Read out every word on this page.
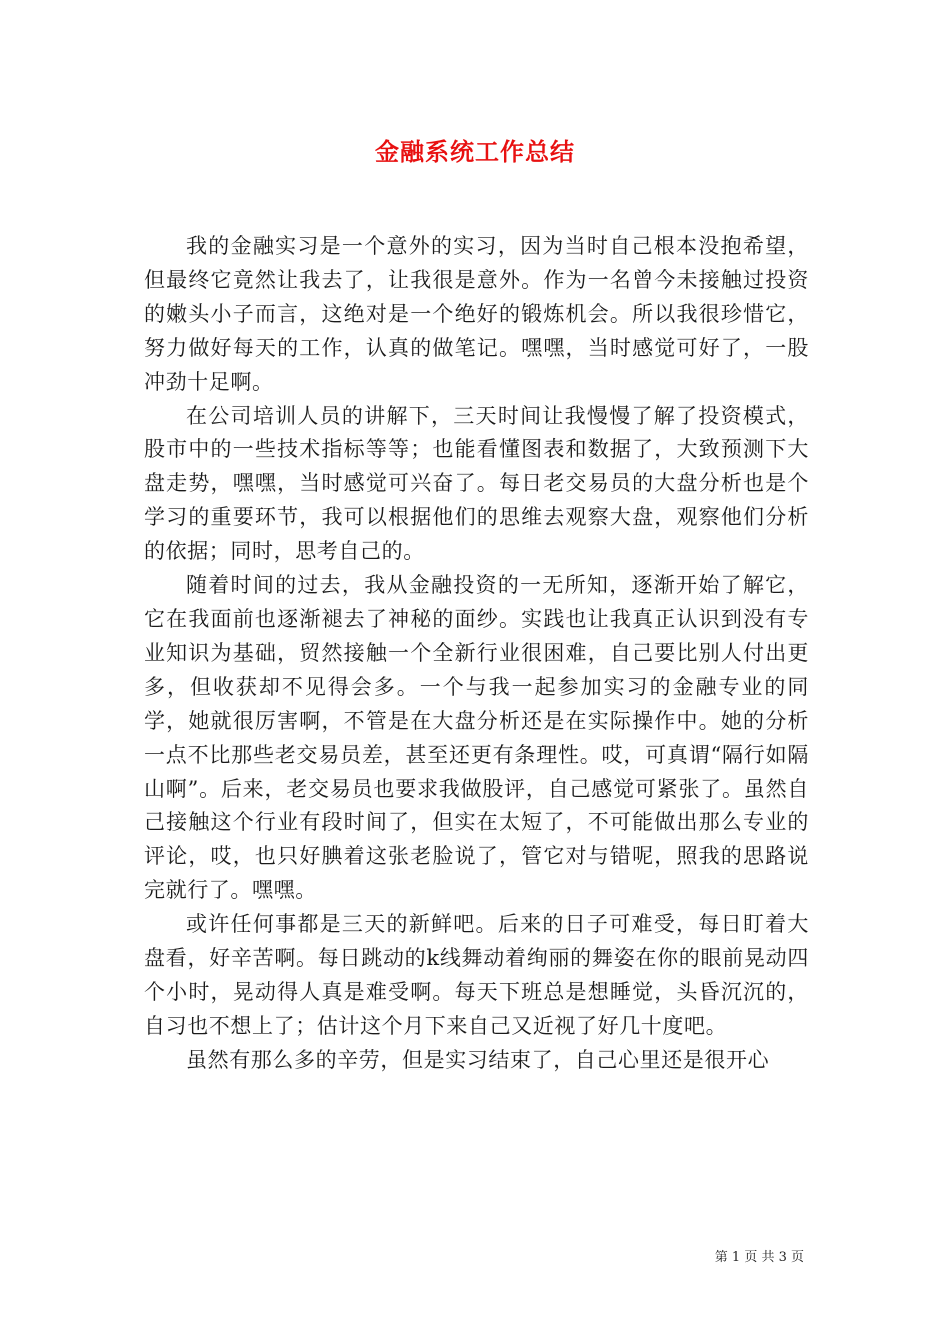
金融系统工作总结

我的金融实习是一个意外的实习，因为当时自己根本没抱希望，但最终它竟然让我去了，让我很是意外。作为一名曾今未接触过投资的嫩头小子而言，这绝对是一个绝好的锻炼机会。所以我很珍惜它，努力做好每天的工作，认真的做笔记。嘿嘿，当时感觉可好了，一股冲劲十足啊。

在公司培训人员的讲解下，三天时间让我慢慢了解了投资模式，股市中的一些技术指标等等；也能看懂图表和数据了，大致预测下大盘走势，嘿嘿，当时感觉可兴奋了。每日老交易员的大盘分析也是个学习的重要环节，我可以根据他们的思维去观察大盘，观察他们分析的依据；同时，思考自己的。

随着时间的过去，我从金融投资的一无所知，逐渐开始了解它，它在我面前也逐渐褪去了神秘的面纱。实践也让我真正认识到没有专业知识为基础，贸然接触一个全新行业很困难，自己要比别人付出更多，但收获却不见得会多。一个与我一起参加实习的金融专业的同学，她就很厉害啊，不管是在大盘分析还是在实际操作中。她的分析一点不比那些老交易员差，甚至还更有条理性。哎，可真谓“隔行如隔山啊”。后来，老交易员也要求我做股评，自己感觉可紧张了。虽然自己接触这个行业有段时间了，但实在太短了，不可能做出那么专业的评论，哎，也只好腆着这张老脸说了，管它对与错呢，照我的思路说完就行了。嘿嘿。

或许任何事都是三天的新鲜吧。后来的日子可难受，每日盯着大盘看，好辛苦啊。每日跳动的k线舞动着绚丽的舞姿在你的眼前晃动四个小时，晃动得人真是难受啊。每天下班总是想睡觉，头昏沉沉的，自习也不想上了；估计这个月下来自己又近视了好几十度吧。

虽然有那么多的辛劳，但是实习结束了，自己心里还是很开心

第 1 页 共 3 页
